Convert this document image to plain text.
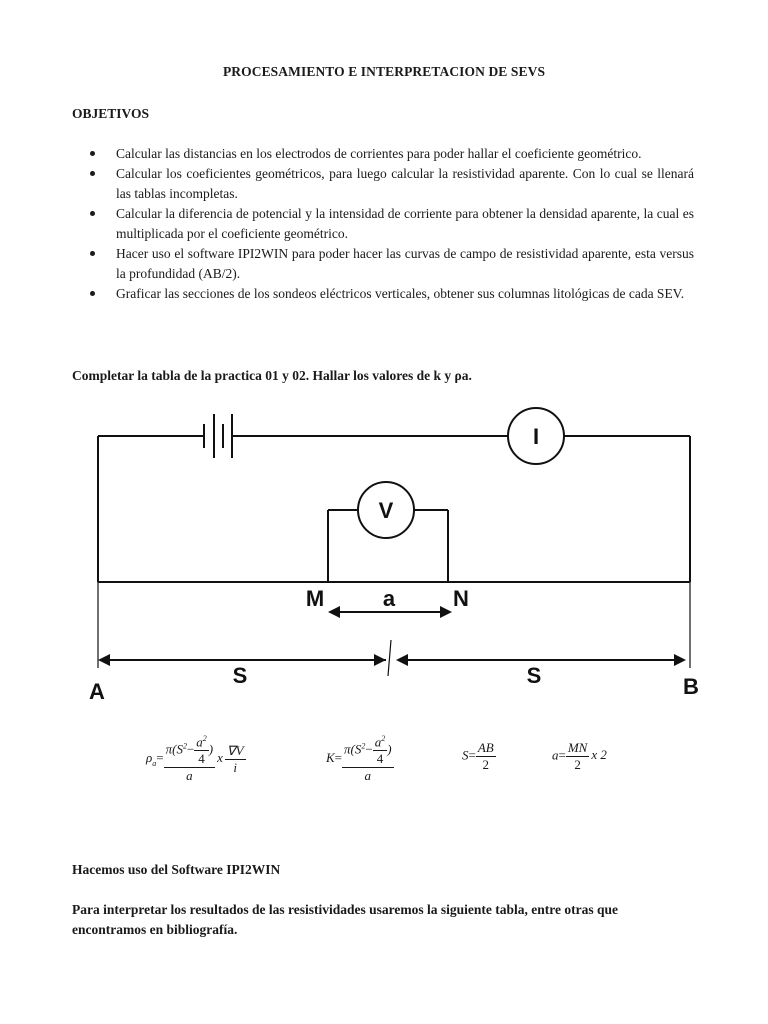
PROCESAMIENTO E INTERPRETACION DE SEVS
OBJETIVOS
Calcular las distancias en los electrodos de corrientes para poder hallar el coeficiente geométrico.
Calcular los coeficientes geométricos, para luego calcular la resistividad aparente. Con lo cual se llenará las tablas incompletas.
Calcular la diferencia de potencial y la intensidad de corriente para obtener la densidad aparente, la cual es multiplicada por el coeficiente geométrico.
Hacer uso el software IPI2WIN para poder hacer las curvas de campo de resistividad aparente, esta versus la profundidad (AB/2).
Graficar las secciones de los sondeos eléctricos verticales, obtener sus columnas litológicas de cada SEV.
Completar la tabla de la practica 01 y 02. Hallar los valores de k y ρa.
I
V
M	a	N
S	S
A	B
$\rho_a= \frac{\pi(S^2- \frac{a^2}{4} )}{a}$ x $\frac{\nabla V}{i}$	$K= \frac{\pi(S^2- \frac{a^2}{4} )}{a}$	$S= \frac{AB}{2}$	$a= \frac{MN}{2}$ x 2
Hacemos uso del Software IPI2WIN
Para interpretar los resultados de las resistividades usaremos la siguiente tabla, entre otras que encontramos en bibliografía.
